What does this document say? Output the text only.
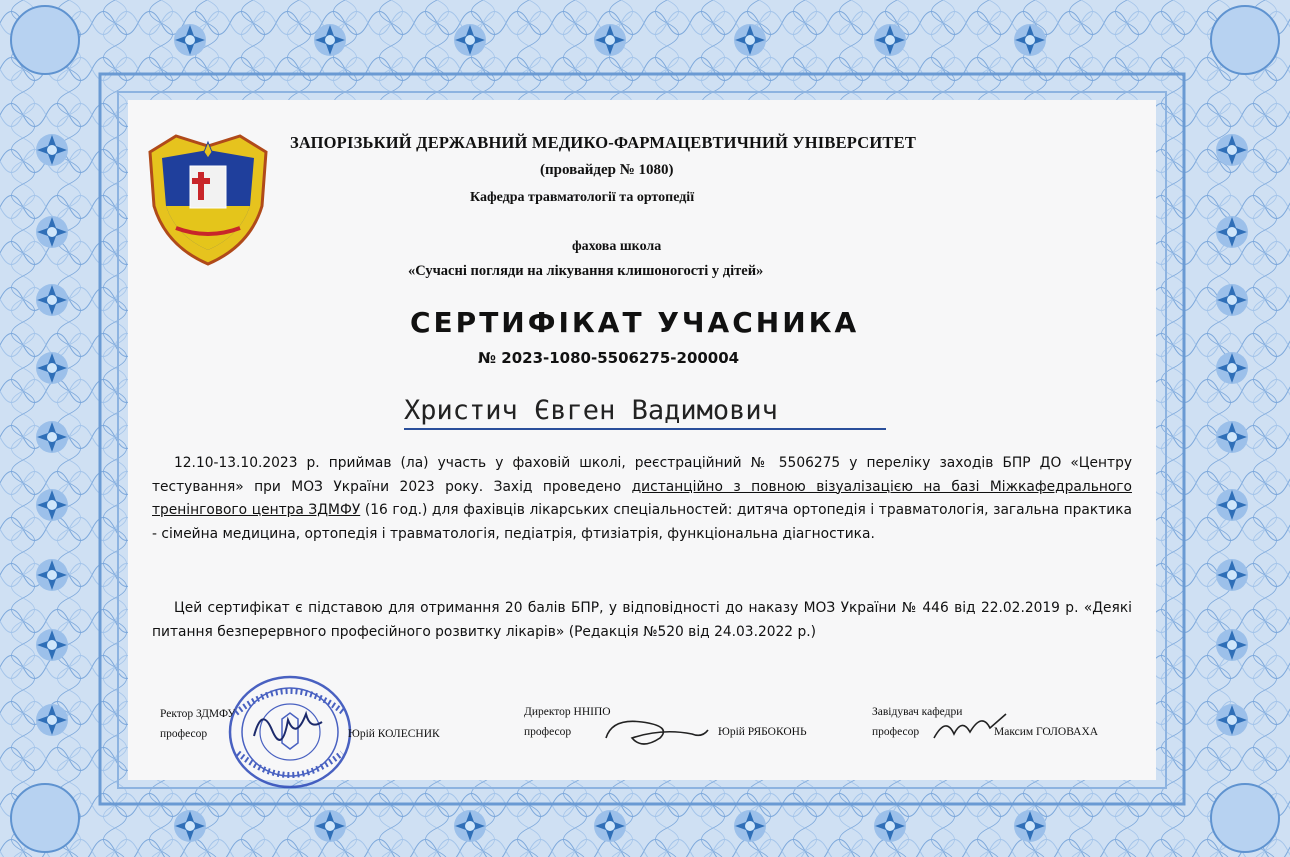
ЗАПОРІЗЬКИЙ ДЕРЖАВНИЙ МЕДИКО-ФАРМАЦЕВТИЧНИЙ УНІВЕРСИТЕТ
(провайдер № 1080)
Кафедра травматології та ортопедії
фахова школа
«Сучасні погляди на лікування клишоногості у дітей»
СЕРТИФІКАТ УЧАСНИКА
№ 2023-1080-5506275-200004
Христич Євген Вадимович
12.10-13.10.2023 р. приймав (ла) участь у фаховій школі, реєстраційний № 5506275 у переліку заходів БПР ДО «Центру тестування» при МОЗ України 2023 року. Захід проведено дистанційно з повною візуалізацією на базі Міжкафедрального тренінгового центра ЗДМФУ (16 год.) для фахівців лікарських спеціальностей: дитяча ортопедія і травматологія, загальна практика - сімейна медицина, ортопедія і травматологія, педіатрія, фтизіатрія, функціональна діагностика.
Цей сертифікат є підставою для отримання 20 балів БПР, у відповідності до наказу МОЗ України № 446 від 22.02.2019 р. «Деякі питання безперервного професійного розвитку лікарів» (Редакція №520 від 24.03.2022 р.)
Ректор ЗДМФУ
професор	Юрій КОЛЕСНИК
Директор ННІПО
професор	Юрій РЯБОКОНЬ
Завідувач кафедри
професор	Максим ГОЛОВАХА
